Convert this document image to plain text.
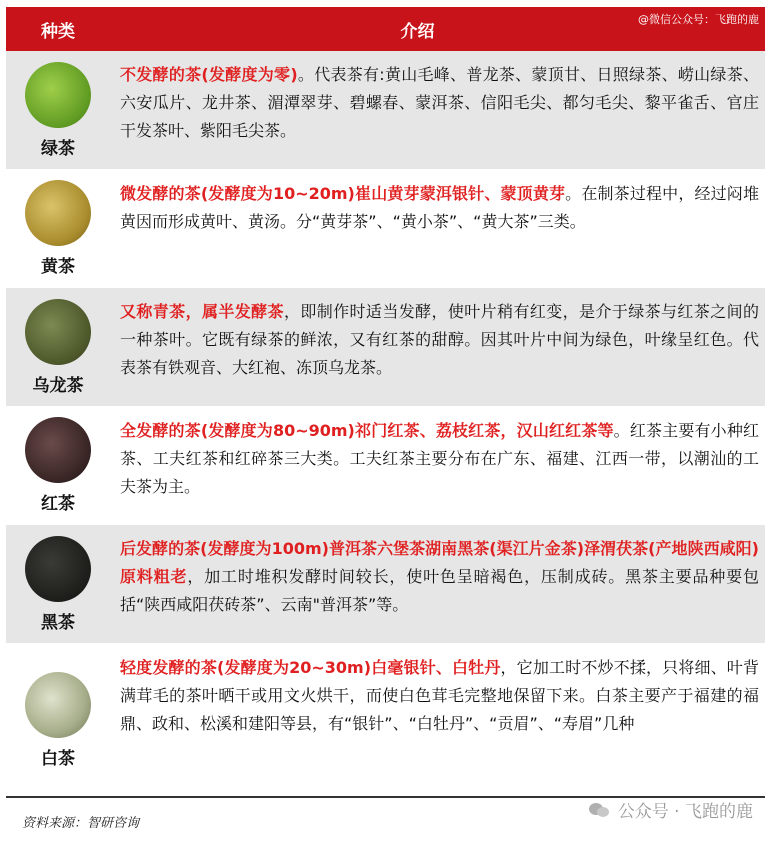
种类	介绍
@微信公众号：飞跑的鹿
绿茶
不发酵的茶(发酵度为零)。代表茶有:黄山毛峰、普龙茶、蒙顶甘、日照绿茶、崂山绿茶、六安瓜片、龙井茶、湄潭翠芽、碧螺春、蒙洱茶、信阳毛尖、都匀毛尖、黎平雀舌、官庄干发茶叶、紫阳毛尖茶。
黄茶
微发酵的茶(发酵度为10~20m)崔山黄芽蒙洱银针、蒙顶黄芽。在制茶过程中，经过闷堆黄因而形成黄叶、黄汤。分“黄芽茶”、“黄小茶”、“黄大茶”三类。
乌龙茶
又称青茶，属半发酵茶，即制作时适当发酵，使叶片稍有红变，是介于绿茶与红茶之间的一种茶叶。它既有绿茶的鲜浓，又有红茶的甜醇。因其叶片中间为绿色，叶缘呈红色。代表茶有铁观音、大红袍、冻顶乌龙茶。
红茶
全发酵的茶(发酵度为80~90m)祁门红茶、荔枝红茶，汉山红红茶等。红茶主要有小种红茶、工夫红茶和红碎茶三大类。工夫红茶主要分布在广东、福建、江西一带，以潮汕的工夫茶为主。
黑茶
后发酵的茶(发酵度为100m)普洱茶六堡茶湖南黑茶(渠江片金茶)泽渭茯茶(产地陕西咸阳)原料粗老，加工时堆积发酵时间较长，使叶色呈暗褐色，压制成砖。黑茶主要品种要包括“陕西咸阳茯砖茶”、云南"普洱茶”等。
白茶
轻度发酵的茶(发酵度为20~30m)白毫银针、白牡丹，它加工时不炒不揉，只将细、叶背满茸毛的茶叶晒干或用文火烘干，而使白色茸毛完整地保留下来。白茶主要产于福建的福鼎、政和、松溪和建阳等县，有“银针”、“白牡丹”、“贡眉”、“寿眉”几种
资料来源：智研咨询
公众号 · 飞跑的鹿
